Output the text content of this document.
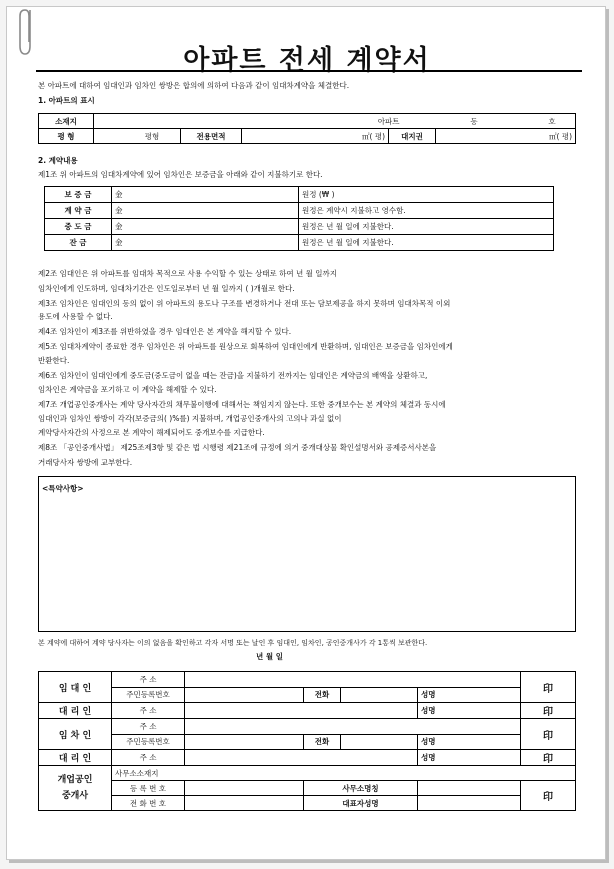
아파트 전세 계약서
본 아파트에 대하여 임대인과 임차인 쌍방은 합의에 의하여 다음과 같이 임대차계약을 체결한다.
1. 아파트의 표시
소재지	아파트 동 호				
평 형	평형	전용면적	㎡( 평)	대지권	㎡( 평)
2. 계약내용
제1조 위 아파트의 임대차계약에 있어 임차인은 보증금을 아래와 같이 지불하기로 한다.
보 증 금	金	원정 (₩ )
계 약 금	金	원정은 계약시 지불하고 영수함.
중 도 금	金	원정은 년 월 일에 지불한다.
잔 금	金	원정은 년 월 일에 지불한다.
제2조 임대인은 위 아파트를 임대차 목적으로 사용 수익할 수 있는 상태로 하여 년 월 일까지
임차인에게 인도하며, 임대차기간은 인도일로부터 년 월 일까지 ( )개월로 한다.
제3조 임차인은 임대인의 동의 없이 위 아파트의 용도나 구조를 변경하거나 전대 또는 담보제공을 하지 못하며 임대차목적 이외
용도에 사용할 수 없다.
제4조 임차인이 제3조를 위반하였을 경우 임대인은 본 계약을 해지할 수 있다.
제5조 임대차계약이 종료한 경우 임차인은 위 아파트를 원상으로 회복하여 임대인에게 반환하며, 임대인은 보증금을 임차인에게
반환한다.
제6조 임차인이 임대인에게 중도금(중도금이 없을 때는 잔금)을 지불하기 전까지는 임대인은 계약금의 배액을 상환하고,
임차인은 계약금을 포기하고 이 계약을 해제할 수 있다.
제7조 개업공인중개사는 계약 당사자간의 채무불이행에 대해서는 책임지지 않는다. 또한 중개보수는 본 계약의 체결과 동시에
임대인과 임차인 쌍방이 각각(보증금의( )%를) 지불하며, 개업공인중개사의 고의나 과실 없이
계약당사자간의 사정으로 본 계약이 해제되어도 중개보수를 지급한다.
제8조 「공인중개사법」 제25조제3항 및 같은 법 시행령 제21조에 규정에 의거 중개대상물 확인설명서와 공제증서사본을
거래당사자 쌍방에 교부한다.
<특약사항>
본 계약에 대하여 계약 당사자는 이의 없음을 확인하고 각자 서명 또는 날인 후 임대인, 임차인, 공인중개사가 각 1통씩 보관한다.
년 월 일
임 대 인	주 소					印
	주민등록번호		전화		성명	
대 리 인	주 소				성명	印
임 차 인	주 소					印
	주민등록번호		전화		성명	
대 리 인	주 소				성명	印
개업공인
중개사	사무소소재지					
	등 록 번 호		사무소명칭			印
	전 화 번 호		대표자성명			
